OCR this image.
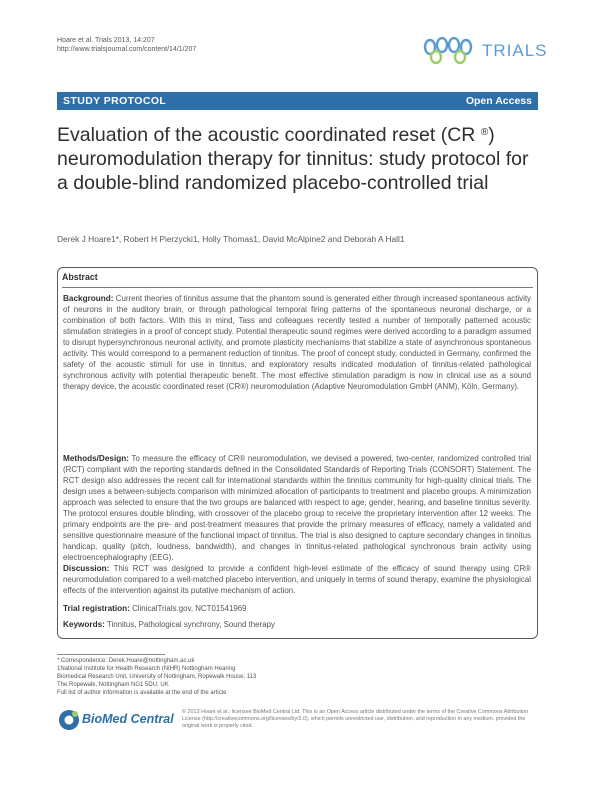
Hoare et al. Trials 2013, 14:207
http://www.trialsjournal.com/content/14/1/207	TRIALS
STUDY PROTOCOL	Open Access
Evaluation of the acoustic coordinated reset (CR ®)
neuromodulation therapy for tinnitus: study protocol for a double-blind randomized placebo-controlled trial
Derek J Hoare1*, Robert H Pierzycki1, Holly Thomas1, David McAlpine2 and Deborah A Hall1
Abstract
Background: Current theories of tinnitus assume that the phantom sound is generated either through increased spontaneous activity of neurons in the auditory brain, or through pathological temporal firing patterns of the spontaneous neuronal discharge, or a combination of both factors. With this in mind, Tass and colleagues recently tested a number of temporally patterned acoustic stimulation strategies in a proof of concept study. Potential therapeutic sound regimes were derived according to a paradigm assumed to disrupt hypersynchronous neuronal activity, and promote plasticity mechanisms that stabilize a state of asynchronous spontaneous activity. This would correspond to a permanent reduction of tinnitus. The proof of concept study, conducted in Germany, confirmed the safety of the acoustic stimuli for use in tinnitus, and exploratory results indicated modulation of tinnitus-related pathological synchronous activity with potential therapeutic benefit. The most effective stimulation paradigm is now in clinical use as a sound therapy device, the acoustic coordinated reset (CR®) neuromodulation (Adaptive Neuromodulation GmbH (ANM), Köln, Germany).
Methods/Design: To measure the efficacy of CR® neuromodulation, we devised a powered, two-center, randomized controlled trial (RCT) compliant with the reporting standards defined in the Consolidated Standards of Reporting Trials (CONSORT) Statement. The RCT design also addresses the recent call for international standards within the tinnitus community for high-quality clinical trials. The design uses a between-subjects comparison with minimized allocation of participants to treatment and placebo groups. A minimization approach was selected to ensure that the two groups are balanced with respect to age, gender, hearing, and baseline tinnitus severity. The protocol ensures double blinding, with crossover of the placebo group to receive the proprietary intervention after 12 weeks. The primary endpoints are the pre- and post-treatment measures that provide the primary measures of efficacy, namely a validated and sensitive questionnaire measure of the functional impact of tinnitus. The trial is also designed to capture secondary changes in tinnitus handicap, quality (pitch, loudness, bandwidth), and changes in tinnitus-related pathological synchronous brain activity using electroencephalography (EEG).
Discussion: This RCT was designed to provide a confident high-level estimate of the efficacy of sound therapy using CR® neuromodulation compared to a well-matched placebo intervention, and uniquely in terms of sound therapy, examine the physiological effects of the intervention against its putative mechanism of action.
Trial registration: ClinicalTrials.gov, NCT01541969
Keywords: Tinnitus, Pathological synchrony, Sound therapy
* Correspondence: Derek.Hoare@nottingham.ac.uk
1National Institute for Health Research (NIHR) Nottingham Hearing
Biomedical Research Unit, University of Nottingham, Ropewalk House, 113
The Ropewalk, Nottingham NG1 5DU, UK
Full list of author information is available at the end of the article
BioMed Central © 2013 Hoare et al.; licensee BioMed Central Ltd. This is an Open Access article distributed under the terms of the Creative Commons Attribution License (http://creativecommons.org/licenses/by/2.0), which permits unrestricted use, distribution, and reproduction in any medium, provided the original work is properly cited.
